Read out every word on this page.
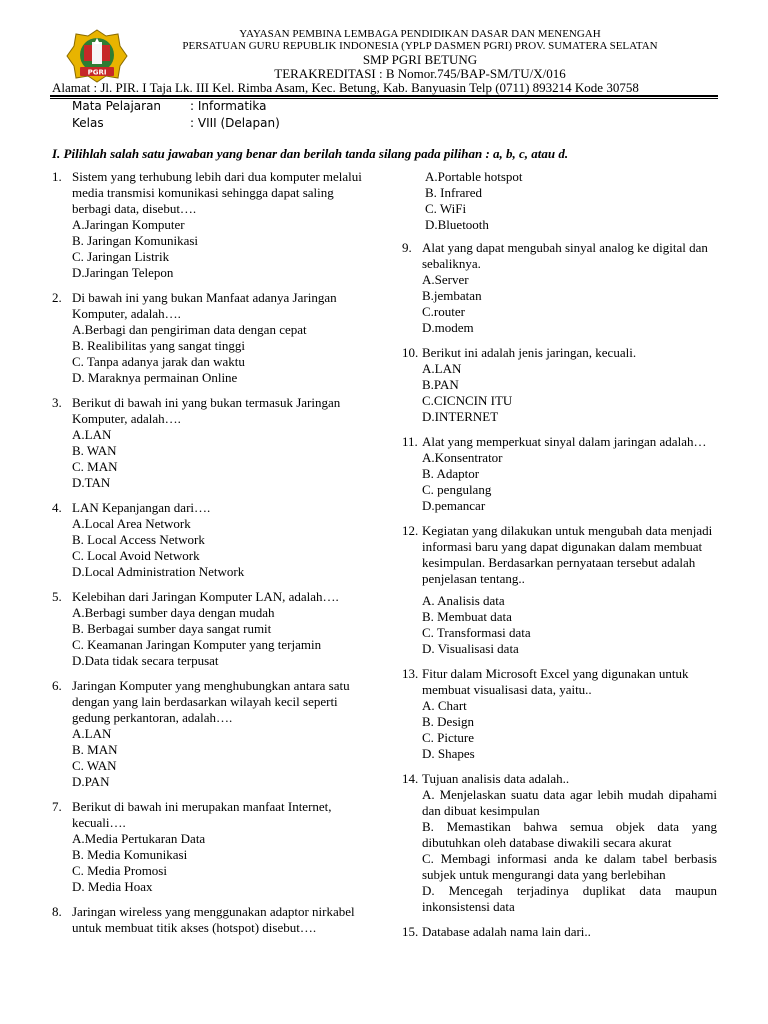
PGRI
YAYASAN PEMBINA LEMBAGA PENDIDIKAN DASAR DAN MENENGAH
PERSATUAN GURU REPUBLIK INDONESIA (YPLP DASMEN PGRI) PROV. SUMATERA SELATAN
SMP PGRI BETUNG
TERAKREDITASI : B Nomor.745/BAP-SM/TU/X/016
Alamat : Jl. PIR. I Taja Lk. III Kel. Rimba Asam, Kec. Betung, Kab. Banyuasin Telp (0711) 893214 Kode 30758
Mata Pelajaran : Informatika
Kelas	: VIII (Delapan)
I. Pilihlah salah satu jawaban yang benar dan berilah tanda silang pada pilihan : a, b, c, atau d.
1. Sistem yang terhubung lebih dari dua komputer melalui media transmisi komunikasi sehingga dapat saling berbagi data, disebut….
A.Jaringan Komputer
B. Jaringan Komunikasi
C. Jaringan Listrik
D.Jaringan Telepon
2. Di bawah ini yang bukan Manfaat adanya Jaringan Komputer, adalah….
A.Berbagi dan pengiriman data dengan cepat
B. Realibilitas yang sangat tinggi
C. Tanpa adanya jarak dan waktu
D. Maraknya permainan Online
3. Berikut di bawah ini yang bukan termasuk Jaringan Komputer, adalah….
A.LAN
B. WAN
C. MAN
D.TAN
4. LAN Kepanjangan dari….
A.Local Area Network
B. Local Access Network
C. Local Avoid Network
D.Local Administration Network
5. Kelebihan dari Jaringan Komputer LAN, adalah….
A.Berbagi sumber daya dengan mudah
B. Berbagai sumber daya sangat rumit
C. Keamanan Jaringan Komputer yang terjamin
D.Data tidak secara terpusat
6. Jaringan Komputer yang menghubungkan antara satu dengan yang lain berdasarkan wilayah kecil seperti gedung perkantoran, adalah….
A.LAN
B. MAN
C. WAN
D.PAN
7. Berikut di bawah ini merupakan manfaat Internet, kecuali….
A.Media Pertukaran Data
B. Media Komunikasi
C. Media Promosi
D. Media Hoax
8. Jaringan wireless yang menggunakan adaptor nirkabel untuk membuat titik akses (hotspot) disebut….
A.Portable hotspot
B. Infrared
C. WiFi
D.Bluetooth
9. Alat yang dapat mengubah sinyal analog ke digital dan sebaliknya.
A.Server
B.jembatan
C.router
D.modem
10. Berikut ini adalah jenis jaringan, kecuali.
A.LAN
B.PAN
C.CICNCIN ITU
D.INTERNET
11. Alat yang memperkuat sinyal dalam jaringan adalah…
A.Konsentrator
B. Adaptor
C. pengulang
D.pemancar
12. Kegiatan yang dilakukan untuk mengubah data menjadi informasi baru yang dapat digunakan dalam membuat kesimpulan. Berdasarkan pernyataan tersebut adalah penjelasan tentang..
A. Analisis data
B. Membuat data
C. Transformasi data
D. Visualisasi data
13. Fitur dalam Microsoft Excel yang digunakan untuk membuat visualisasi data, yaitu..
A. Chart
B. Design
C. Picture
D. Shapes
14. Tujuan analisis data adalah..
A. Menjelaskan suatu data agar lebih mudah dipahami dan dibuat kesimpulan
B. Memastikan bahwa semua objek data yang dibutuhkan oleh database diwakili secara akurat
C. Membagi informasi anda ke dalam tabel berbasis subjek untuk mengurangi data yang berlebihan
D. Mencegah terjadinya duplikat data maupun inkonsistensi data
15. Database adalah nama lain dari..
